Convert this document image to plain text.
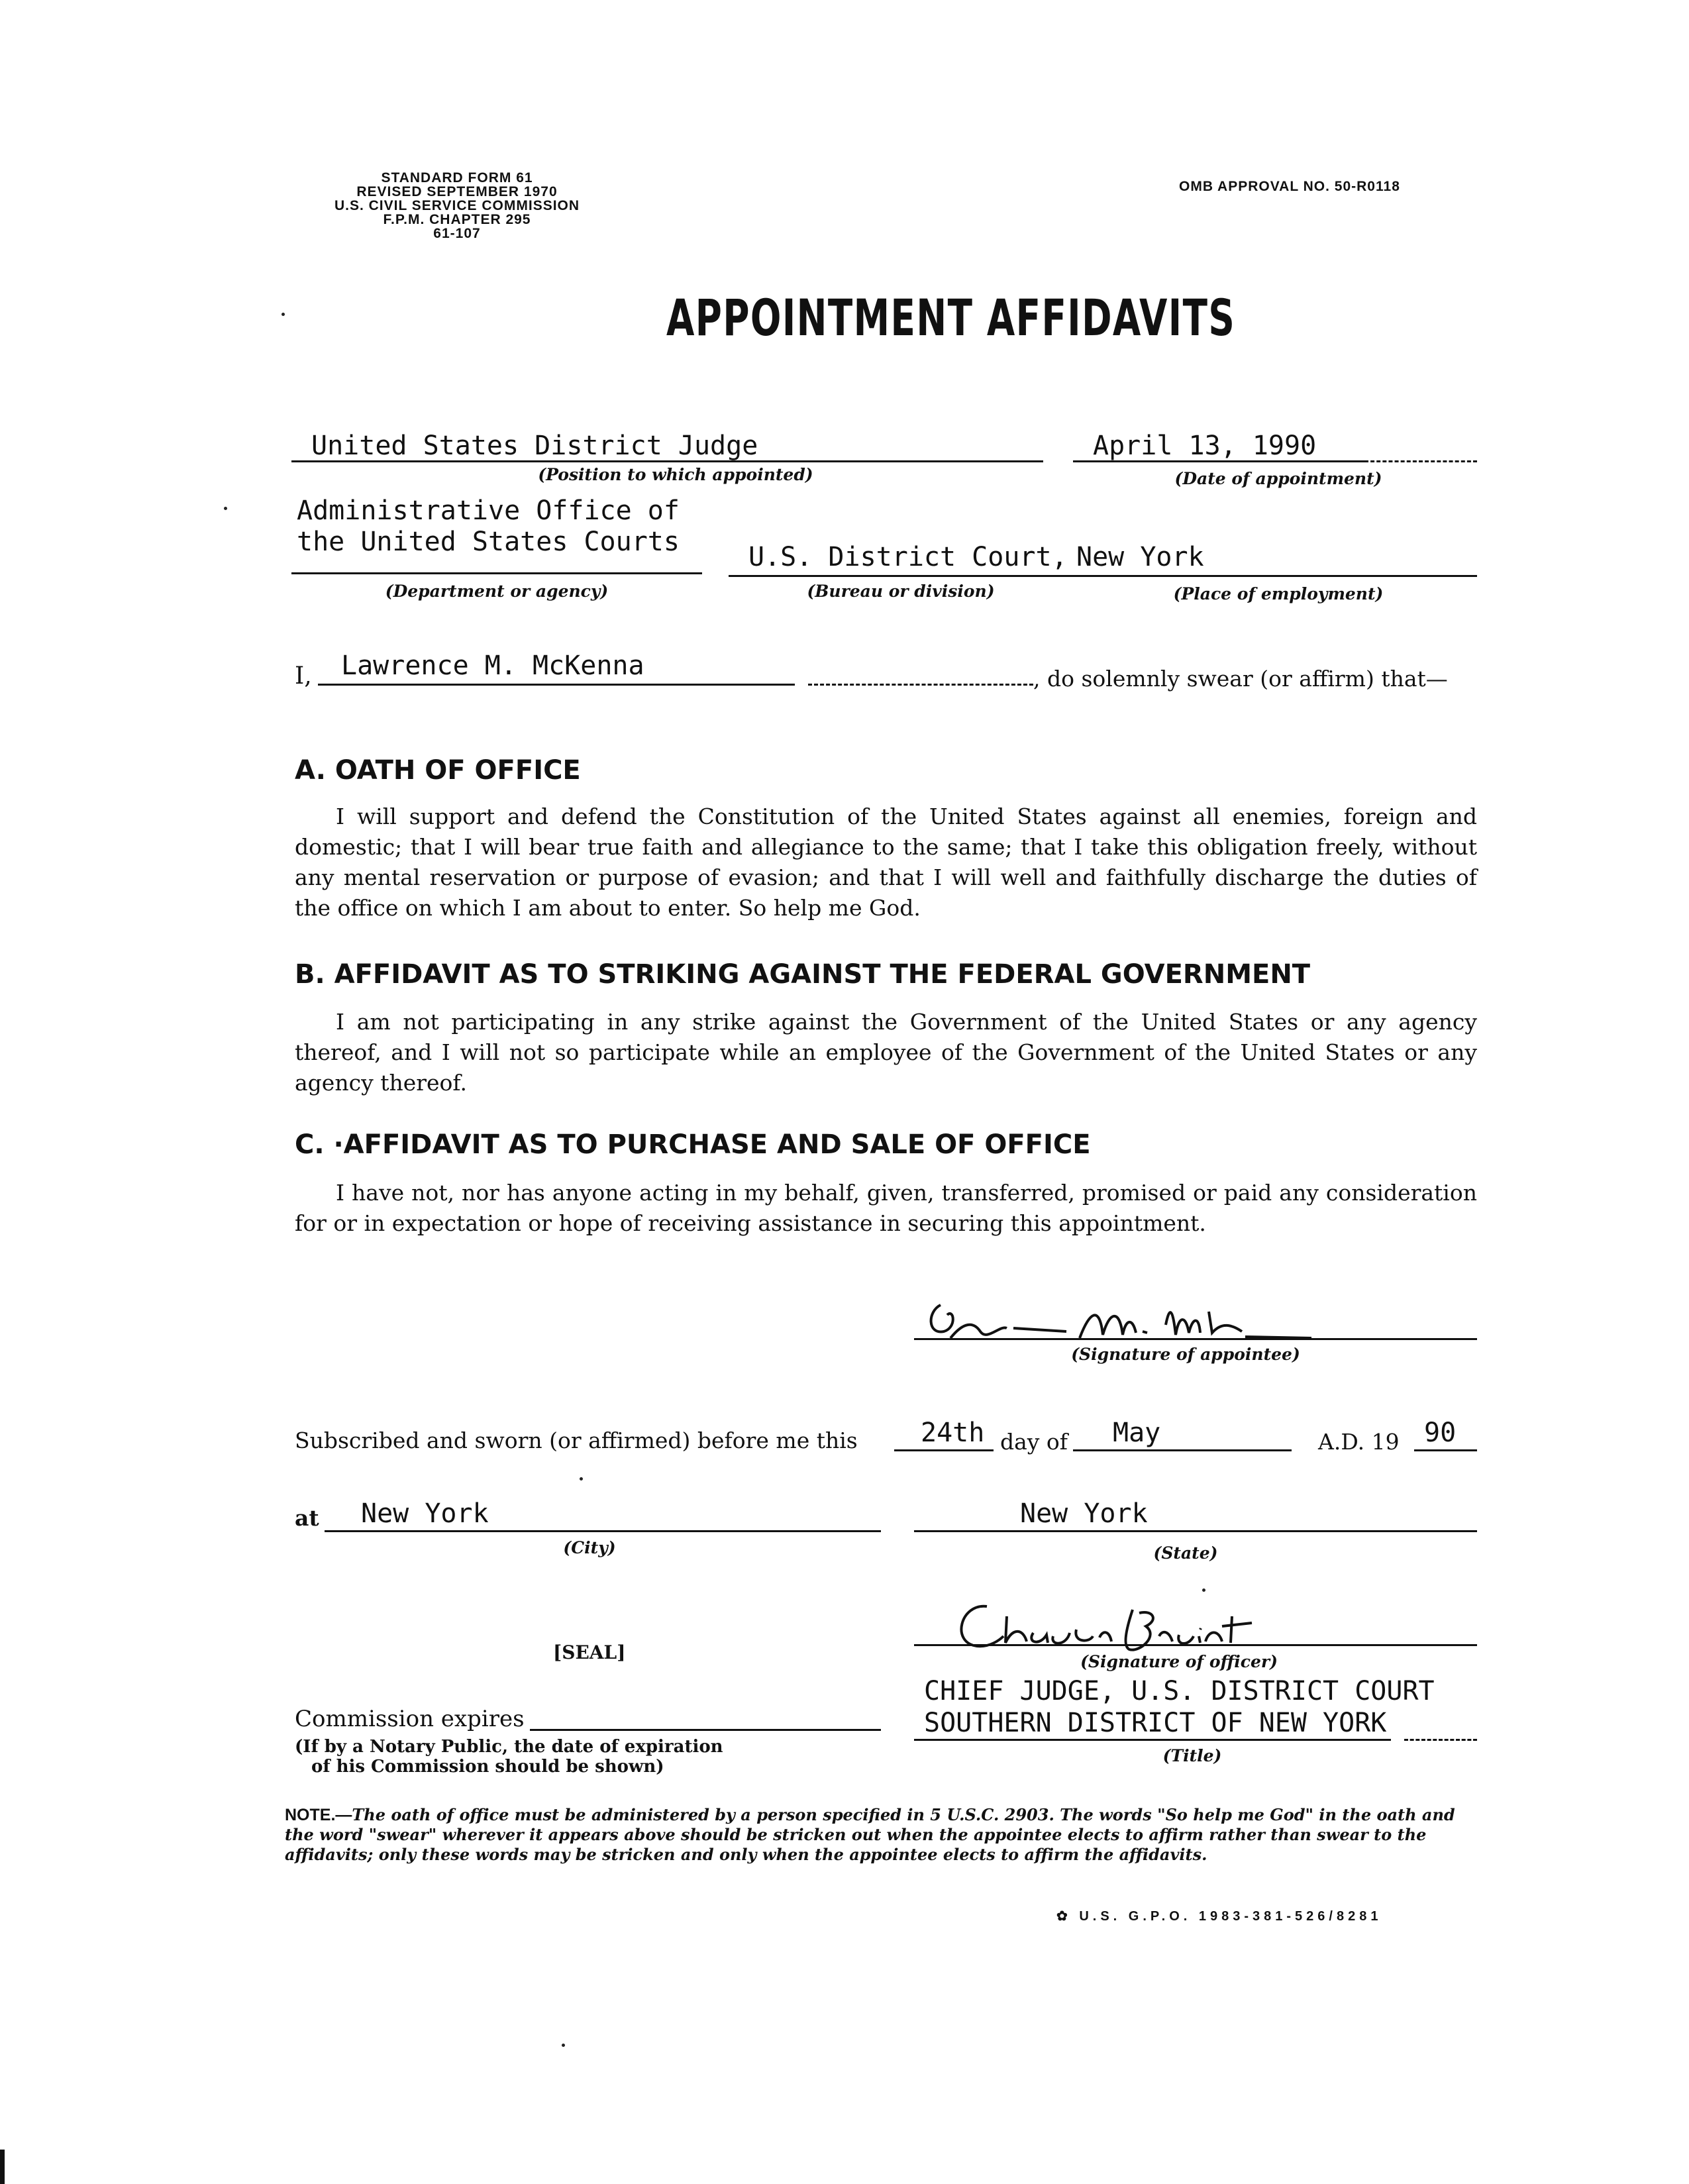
STANDARD FORM 61
REVISED SEPTEMBER 1970
U.S. CIVIL SERVICE COMMISSION
F.P.M. CHAPTER 295
61-107
OMB APPROVAL NO. 50-R0118
APPOINTMENT AFFIDAVITS
United States District Judge
(Position to which appointed)
April 13, 1990
(Date of appointment)
Administrative Office of
the United States Courts
(Department or agency)
U.S. District Court,
(Bureau or division)
New York
(Place of employment)
I, Lawrence M. McKenna	, do solemnly swear (or affirm) that—
A. OATH OF OFFICE
I will support and defend the Constitution of the United States against all enemies, foreign and domestic; that I will bear true faith and allegiance to the same; that I take this obligation freely, without any mental reservation or purpose of evasion; and that I will well and faithfully discharge the duties of the office on which I am about to enter. So help me God.
B. AFFIDAVIT AS TO STRIKING AGAINST THE FEDERAL GOVERNMENT
I am not participating in any strike against the Government of the United States or any agency thereof, and I will not so participate while an employee of the Government of the United States or any agency thereof.
C. ·AFFIDAVIT AS TO PURCHASE AND SALE OF OFFICE
I have not, nor has anyone acting in my behalf, given, transferred, promised or paid any consideration for or in expectation or hope of receiving assistance in securing this appointment.
(Signature of appointee)
Subscribed and sworn (or affirmed) before me this 24th day of May	A.D. 19 90
at New York
(City)
New York
(State)
[SEAL]	(Signature of officer)
CHIEF JUDGE, U.S. DISTRICT COURT
SOUTHERN DISTRICT OF NEW YORK
(Title)
Commission expires
(If by a Notary Public, the date of expiration
of his Commission should be shown)
NOTE.—The oath of office must be administered by a person specified in 5 U.S.C. 2903. The words "So help me God" in the oath and the word "swear" wherever it appears above should be stricken out when the appointee elects to affirm rather than swear to the affidavits; only these words may be stricken and only when the appointee elects to affirm the affidavits.
✿ U.S. G.P.O. 1983-381-526/8281
